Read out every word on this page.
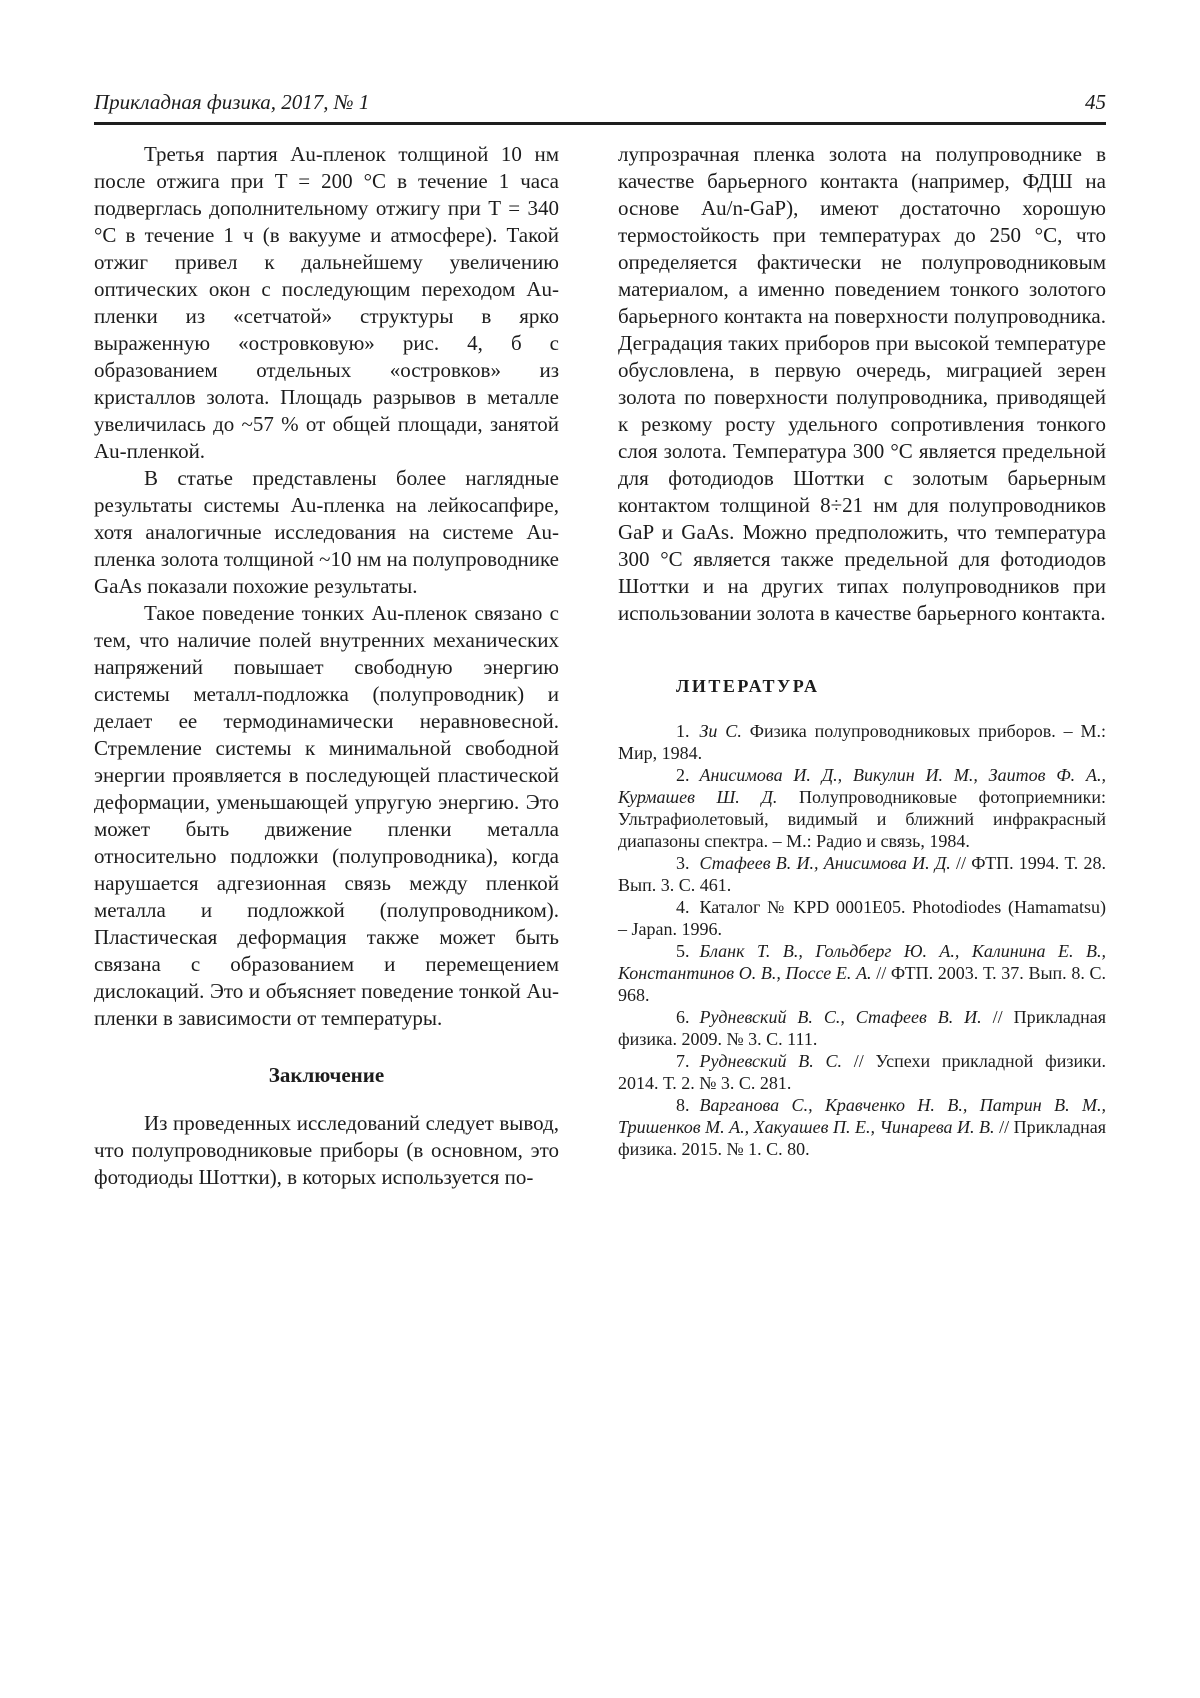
Прикладная физика, 2017, № 1	45

Третья партия Au-пленок толщиной 10 нм после отжига при T = 200 °С в течение 1 часа подверглась дополнительному отжигу при T = 340 °С в течение 1 ч (в вакууме и атмосфере). Такой отжиг привел к дальнейшему увеличению оптических окон с последующим переходом Au-пленки из «сетчатой» структуры в ярко выраженную «островковую» рис. 4, б с образованием отдельных «островков» из кристаллов золота. Площадь разрывов в металле увеличилась до ~57 % от общей площади, занятой Au-пленкой.

В статье представлены более наглядные результаты системы Au-пленка на лейкосапфире, хотя аналогичные исследования на системе Au-пленка золота толщиной ~10 нм на полупроводнике GaAs показали похожие результаты.

Такое поведение тонких Au-пленок связано с тем, что наличие полей внутренних механических напряжений повышает свободную энергию системы металл-подложка (полупроводник) и делает ее термодинамически неравновесной. Стремление системы к минимальной свободной энергии проявляется в последующей пластической деформации, уменьшающей упругую энергию. Это может быть движение пленки металла относительно подложки (полупроводника), когда нарушается адгезионная связь между пленкой металла и подложкой (полупроводником). Пластическая деформация также может быть связана с образованием и перемещением дислокаций. Это и объясняет поведение тонкой Au-пленки в зависимости от температуры.

Заключение

Из проведенных исследований следует вывод, что полупроводниковые приборы (в основном, это фотодиоды Шоттки), в которых используется по-

лупрозрачная пленка золота на полупроводнике в качестве барьерного контакта (например, ФДШ на основе Au/n-GaP), имеют достаточно хорошую термостойкость при температурах до 250 °С, что определяется фактически не полупроводниковым материалом, а именно поведением тонкого золотого барьерного контакта на поверхности полупроводника. Деградация таких приборов при высокой температуре обусловлена, в первую очередь, миграцией зерен золота по поверхности полупроводника, приводящей к резкому росту удельного сопротивления тонкого слоя золота. Температура 300 °С является предельной для фотодиодов Шоттки с золотым барьерным контактом толщиной 8÷21 нм для полупроводников GaP и GaAs. Можно предположить, что температура 300 °С является также предельной для фотодиодов Шоттки и на других типах полупроводников при использовании золота в качестве барьерного контакта.

ЛИТЕРАТУРА
1. Зи С. Физика полупроводниковых приборов. – М.: Мир, 1984.
2. Анисимова И. Д., Викулин И. М., Заитов Ф. А., Курмашев Ш. Д. Полупроводниковые фотоприемники: Ультрафиолетовый, видимый и ближний инфракрасный диапазоны спектра. – М.: Радио и связь, 1984.
3. Стафеев В. И., Анисимова И. Д. // ФТП. 1994. Т. 28. Вып. 3. С. 461.
4. Каталог № KPD 0001E05. Photodiodes (Hamamatsu) – Japan. 1996.
5. Бланк Т. В., Гольдберг Ю. А., Калинина Е. В., Константинов О. В., Поссе Е. А. // ФТП. 2003. Т. 37. Вып. 8. С. 968.
6. Рудневский В. С., Стафеев В. И. // Прикладная физика. 2009. № 3. С. 111.
7. Рудневский В. С. // Успехи прикладной физики. 2014. Т. 2. № 3. С. 281.
8. Варганова С., Кравченко Н. В., Патрин В. М., Тришенков М. А., Хакуашев П. Е., Чинарева И. В. // Прикладная физика. 2015. № 1. С. 80.
